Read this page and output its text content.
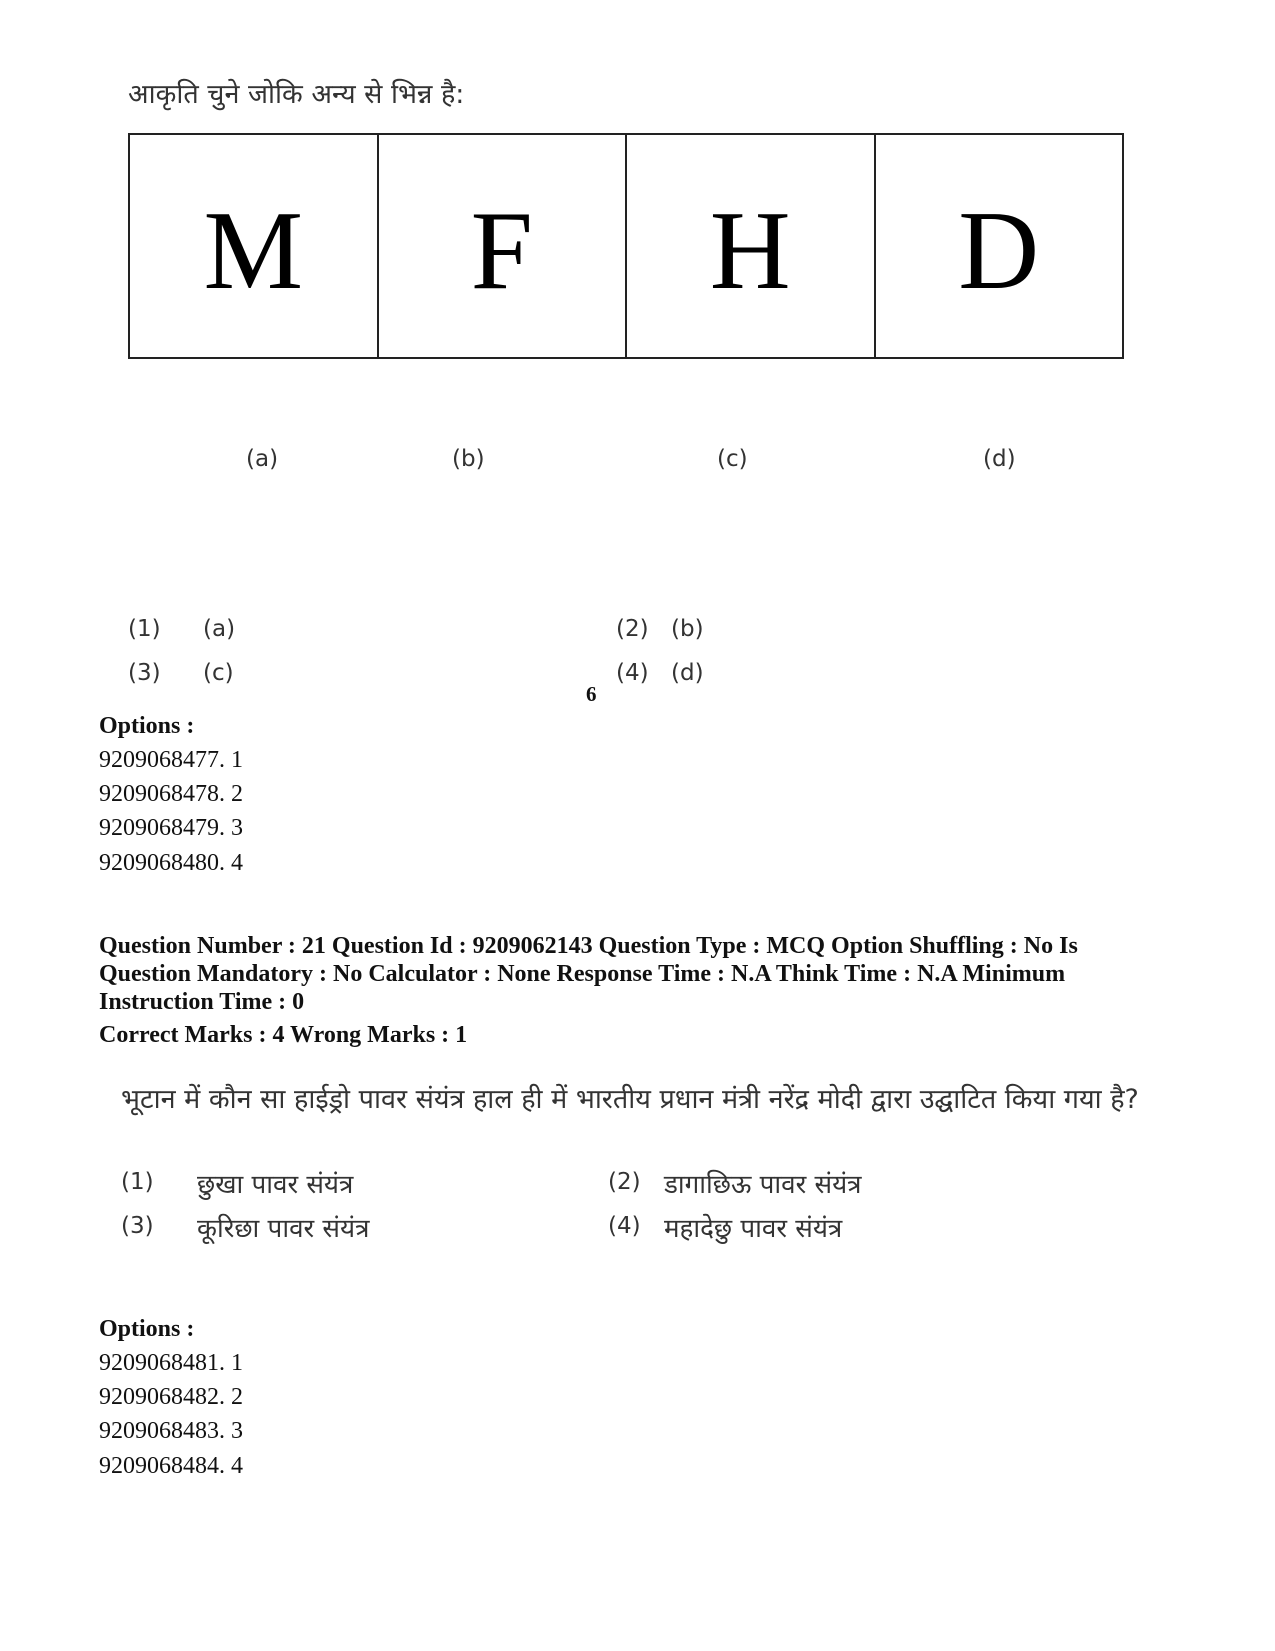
आकृति चुने जोकि अन्य से भिन्न है:
M F H D
(a)	(b)	(c)	(d)
(1) (a)	(2) (b)
(3) (c)	(4) (d)
6
Options :
9209068477. 1
9209068478. 2
9209068479. 3
9209068480. 4
Question Number : 21 Question Id : 9209062143 Question Type : MCQ Option Shuffling : No Is Question Mandatory : No Calculator : None Response Time : N.A Think Time : N.A Minimum Instruction Time : 0
Correct Marks : 4 Wrong Marks : 1
भूटान में कौन सा हाईड्रो पावर संयंत्र हाल ही में भारतीय प्रधान मंत्री नरेंद्र मोदी द्वारा उद्घाटित किया गया है?
(1) छुखा पावर संयंत्र	(2) डागाछिऊ पावर संयंत्र
(3) कूरिछा पावर संयंत्र	(4) महादेछु पावर संयंत्र
Options :
9209068481. 1
9209068482. 2
9209068483. 3
9209068484. 4
